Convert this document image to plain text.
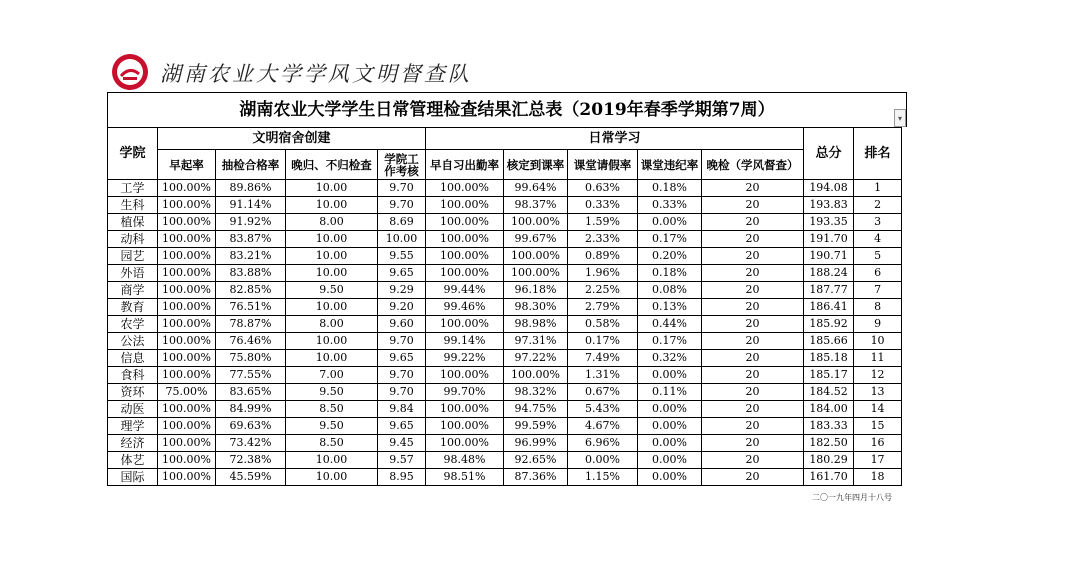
湖南农业大学学风文明督查队
湖南农业大学学生日常管理检查结果汇总表（2019年春季学期第7周）	▾
学院	文明宿舍创建				日常学习					总分	排名
	早起率	抽检合格率	晚归、不归检查	学院工作考核	早自习出勤率	核定到课率	课堂请假率	课堂违纪率	晚检（学风督查）		
工学	100.00%	89.86%	10.00	9.70	100.00%	99.64%	0.63%	0.18%	20	194.08	1
生科	100.00%	91.14%	10.00	9.70	100.00%	98.37%	0.33%	0.33%	20	193.83	2
植保	100.00%	91.92%	8.00	8.69	100.00%	100.00%	1.59%	0.00%	20	193.35	3
动科	100.00%	83.87%	10.00	10.00	100.00%	99.67%	2.33%	0.17%	20	191.70	4
园艺	100.00%	83.21%	10.00	9.55	100.00%	100.00%	0.89%	0.20%	20	190.71	5
外语	100.00%	83.88%	10.00	9.65	100.00%	100.00%	1.96%	0.18%	20	188.24	6
商学	100.00%	82.85%	9.50	9.29	99.44%	96.18%	2.25%	0.08%	20	187.77	7
教育	100.00%	76.51%	10.00	9.20	99.46%	98.30%	2.79%	0.13%	20	186.41	8
农学	100.00%	78.87%	8.00	9.60	100.00%	98.98%	0.58%	0.44%	20	185.92	9
公法	100.00%	76.46%	10.00	9.70	99.14%	97.31%	0.17%	0.17%	20	185.66	10
信息	100.00%	75.80%	10.00	9.65	99.22%	97.22%	7.49%	0.32%	20	185.18	11
食科	100.00%	77.55%	7.00	9.70	100.00%	100.00%	1.31%	0.00%	20	185.17	12
资环	75.00%	83.65%	9.50	9.70	99.70%	98.32%	0.67%	0.11%	20	184.52	13
动医	100.00%	84.99%	8.50	9.84	100.00%	94.75%	5.43%	0.00%	20	184.00	14
理学	100.00%	69.63%	9.50	9.65	100.00%	99.59%	4.67%	0.00%	20	183.33	15
经济	100.00%	73.42%	8.50	9.45	100.00%	96.99%	6.96%	0.00%	20	182.50	16
体艺	100.00%	72.38%	10.00	9.57	98.48%	92.65%	0.00%	0.00%	20	180.29	17
国际	100.00%	45.59%	10.00	8.95	98.51%	87.36%	1.15%	0.00%	20	161.70	18
二〇一九年四月十八号
